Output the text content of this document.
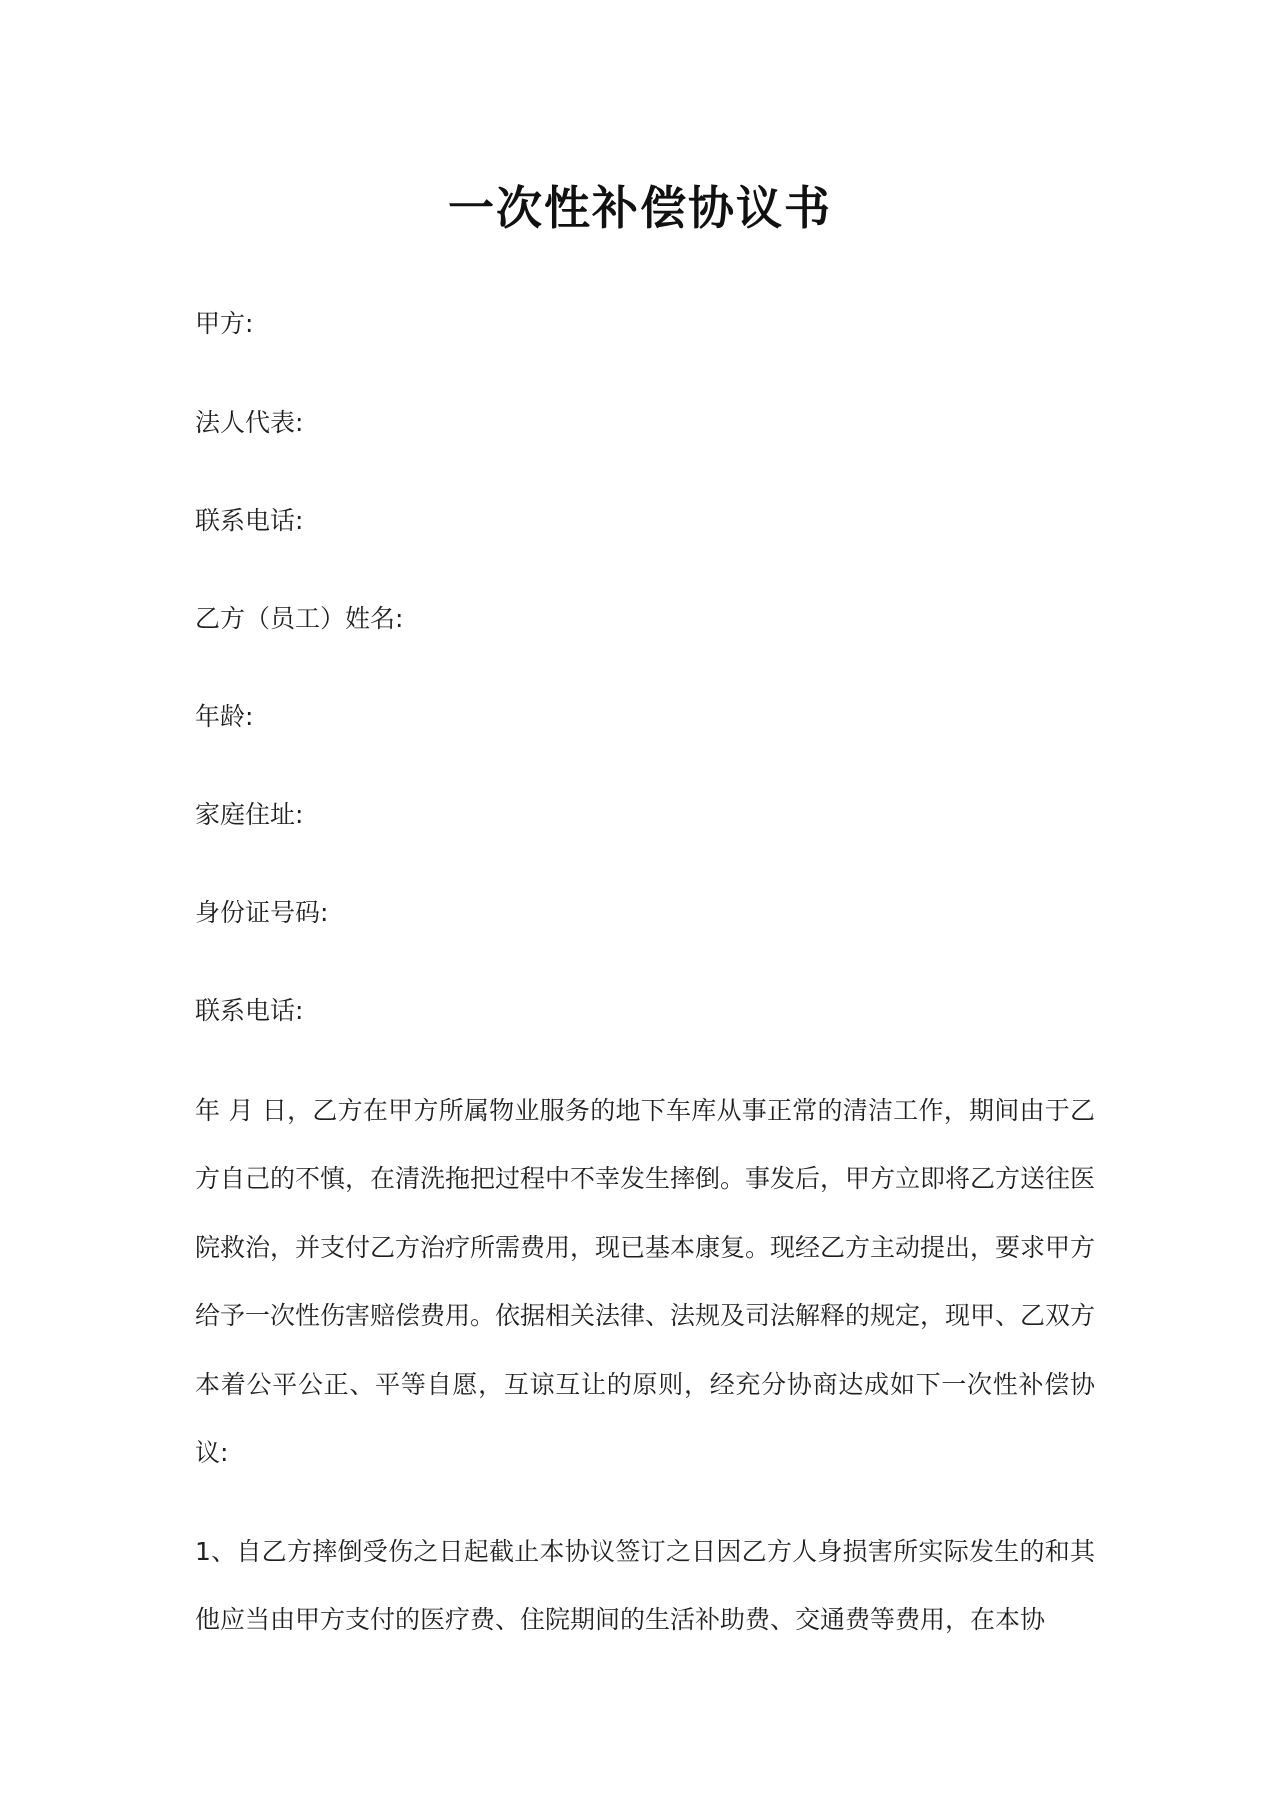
一次性补偿协议书
甲方:
法人代表:
联系电话:
乙方（员工）姓名:
年龄:
家庭住址:
身份证号码:
联系电话:

年 月 日，乙方在甲方所属物业服务的地下车库从事正常的清洁工作，期间由于乙方自己的不慎，在清洗拖把过程中不幸发生摔倒。事发后，甲方立即将乙方送往医院救治，并支付乙方治疗所需费用，现已基本康复。现经乙方主动提出，要求甲方给予一次性伤害赔偿费用。依据相关法律、法规及司法解释的规定，现甲、乙双方本着公平公正、平等自愿，互谅互让的原则，经充分协商达成如下一次性补偿协议:

1、自乙方摔倒受伤之日起截止本协议签订之日因乙方人身损害所实际发生的和其他应当由甲方支付的医疗费、住院期间的生活补助费、交通费等费用，在本协
